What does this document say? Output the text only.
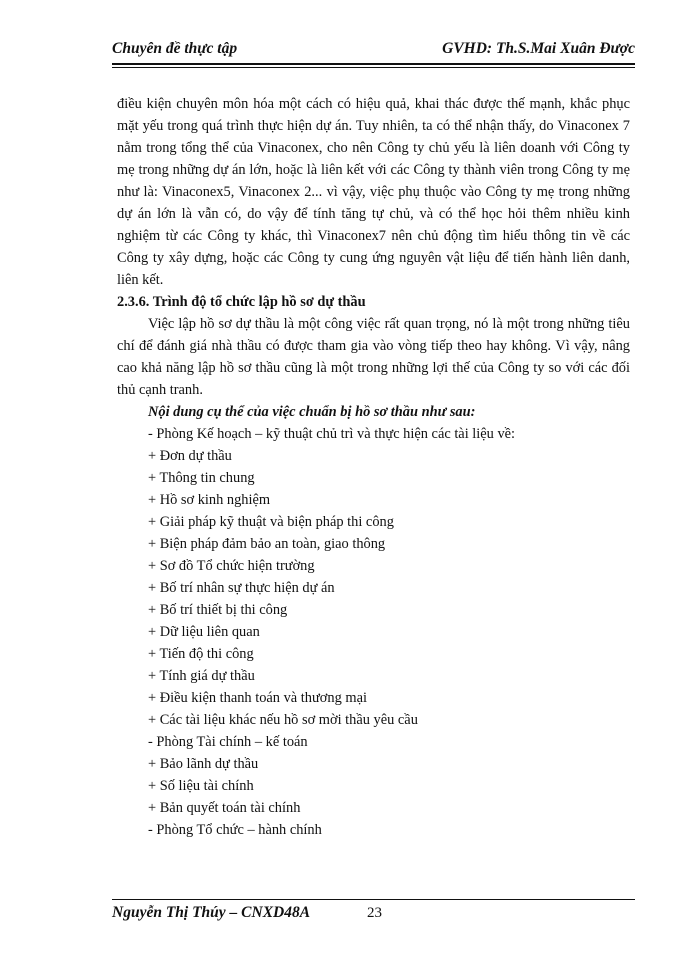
Chuyên đề thực tập	GVHD: Th.S.Mai Xuân Được

điều kiện chuyên môn hóa một cách có hiệu quả, khai thác được thế mạnh, khắc phục mặt yếu trong quá trình thực hiện dự án. Tuy nhiên, ta có thể nhận thấy, do Vinaconex 7 nằm trong tổng thể của Vinaconex, cho nên Công ty chủ yếu là liên doanh với Công ty mẹ trong những dự án lớn, hoặc là liên kết với các Công ty thành viên trong Công ty mẹ như là: Vinaconex5, Vinaconex 2... vì vậy, việc phụ thuộc vào Công ty mẹ trong những dự án lớn là vẫn có, do vậy để tính tăng tự chủ, và có thể học hỏi thêm nhiều kinh nghiệm từ các Công ty khác, thì Vinaconex7 nên chủ động tìm hiểu thông tin về các Công ty xây dựng, hoặc các Công ty cung ứng nguyên vật liệu để tiến hành liên danh, liên kết.

2.3.6. Trình độ tổ chức lập hồ sơ dự thầu

Việc lập hồ sơ dự thầu là một công việc rất quan trọng, nó là một trong những tiêu chí để đánh giá nhà thầu có được tham gia vào vòng tiếp theo hay không. Vì vậy, nâng cao khả năng lập hồ sơ thầu cũng là một trong những lợi thế của Công ty so với các đối thủ cạnh tranh.

Nội dung cụ thể của việc chuẩn bị hồ sơ thầu như sau:

- Phòng Kế hoạch – kỹ thuật chủ trì và thực hiện các tài liệu về:
+ Đơn dự thầu
+ Thông tin chung
+ Hồ sơ kinh nghiệm
+ Giải pháp kỹ thuật và biện pháp thi công
+ Biện pháp đảm bảo an toàn, giao thông
+ Sơ đồ Tổ chức hiện trường
+ Bố trí nhân sự thực hiện dự án
+ Bố trí thiết bị thi công
+ Dữ liệu liên quan
+ Tiến độ thi công
+ Tính giá dự thầu
+ Điều kiện thanh toán và thương mại
+ Các tài liệu khác nếu hồ sơ mời thầu yêu cầu
- Phòng Tài chính – kế toán
+ Bảo lãnh dự thầu
+ Số liệu tài chính
+ Bản quyết toán tài chính
- Phòng Tổ chức – hành chính
Nguyễn Thị Thúy – CNXD48A	23
